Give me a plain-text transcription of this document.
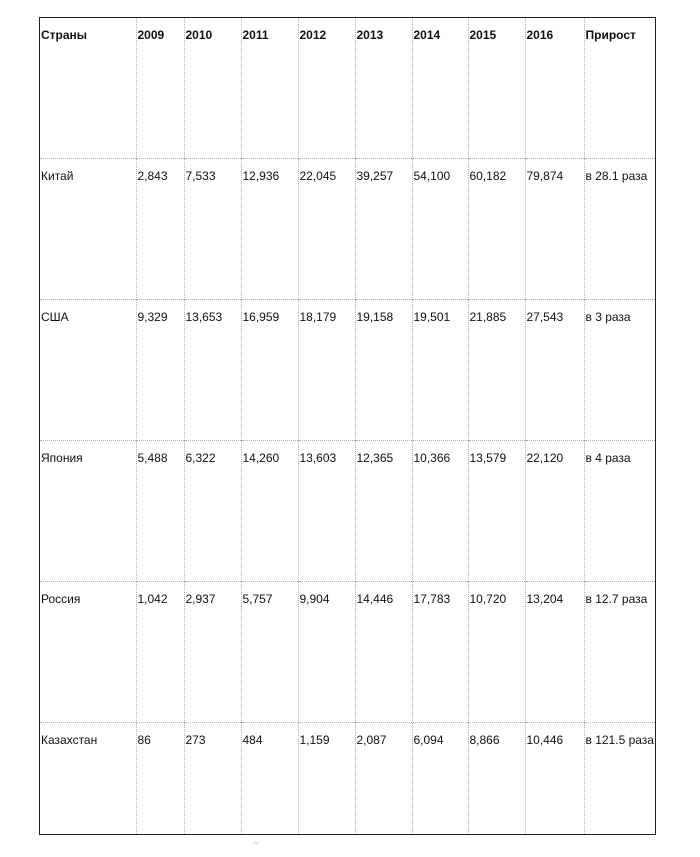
Страны	2009	2010	2011	2012	2013	2014	2015	2016	Прирост
Китай	2,843	7,533	12,936	22,045	39,257	54,100	60,182	79,874	в 28.1 раза
США	9,329	13,653	16,959	18,179	19,158	19,501	21,885	27,543	в 3 раза
Япония	5,488	6,322	14,260	13,603	12,365	10,366	13,579	22,120	в 4 раза
Россия	1,042	2,937	5,757	9,904	14,446	17,783	10,720	13,204	в 12.7 раза
Казахстан	86	273	484	1,159	2,087	6,094	8,866	10,446	в 121.5 раза
≈
